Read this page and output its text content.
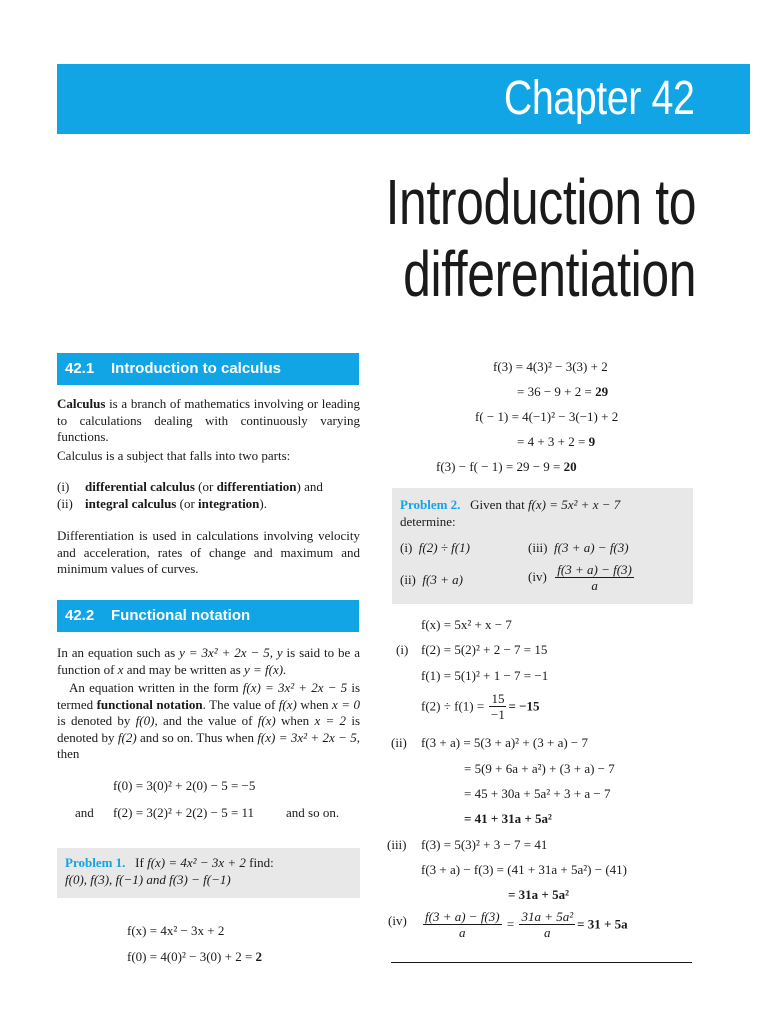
Chapter 42
Introduction to
differentiation
42.1 Introduction to calculus
Calculus is a branch of mathematics involving or leading to calculations dealing with continuously varying functions.
Calculus is a subject that falls into two parts:
(i) differential calculus (or differentiation) and
(ii) integral calculus (or integration).
Differentiation is used in calculations involving velocity and acceleration, rates of change and maximum and minimum values of curves.
42.2 Functional notation
In an equation such as y = 3x² + 2x − 5, y is said to be a function of x and may be written as y = f(x).
An equation written in the form f(x) = 3x² + 2x − 5 is termed functional notation. The value of f(x) when x = 0 is denoted by f(0), and the value of f(x) when x = 2 is denoted by f(2) and so on. Thus when f(x) = 3x² + 2x − 5, then
f(0) = 3(0)² + 2(0) − 5 = −5
and f(2) = 3(2)² + 2(2) − 5 = 11 and so on.
Problem 1. If f(x) = 4x² − 3x + 2 find:
f(0), f(3), f(−1) and f(3) − f(−1)
f(x) = 4x² − 3x + 2
f(0) = 4(0)² − 3(0) + 2 = 2
f(3) = 4(3)² − 3(3) + 2
= 36 − 9 + 2 = 29
f( − 1) = 4(−1)² − 3(−1) + 2
= 4 + 3 + 2 = 9
f(3) − f( − 1) = 29 − 9 = 20
Problem 2. Given that f(x) = 5x² + x − 7
determine:
(i) f(2) ÷ f(1)	(iii) f(3 + a) − f(3)
(ii) f(3 + a)	$(iv) \frac{f(3 + a) - f(3)}{a}$
f(x) = 5x² + x − 7
(i) f(2) = 5(2)² + 2 − 7 = 15
f(1) = 5(1)² + 1 − 7 = −1
$f(2) \div f(1) = \frac{15}{-1} = -15$
(ii) f(3 + a) = 5(3 + a)² + (3 + a) − 7
= 5(9 + 6a + a²) + (3 + a) − 7
= 45 + 30a + 5a² + 3 + a − 7
= 41 + 31a + 5a²
(iii) f(3) = 5(3)² + 3 − 7 = 41
f(3 + a) − f(3) = (41 + 31a + 5a²) − (41)
= 31a + 5a²
$(iv) \frac{f(3 + a) - f(3)}{a} = \frac{\text{31a + 5a²}}{a} = 31 + 5a$
